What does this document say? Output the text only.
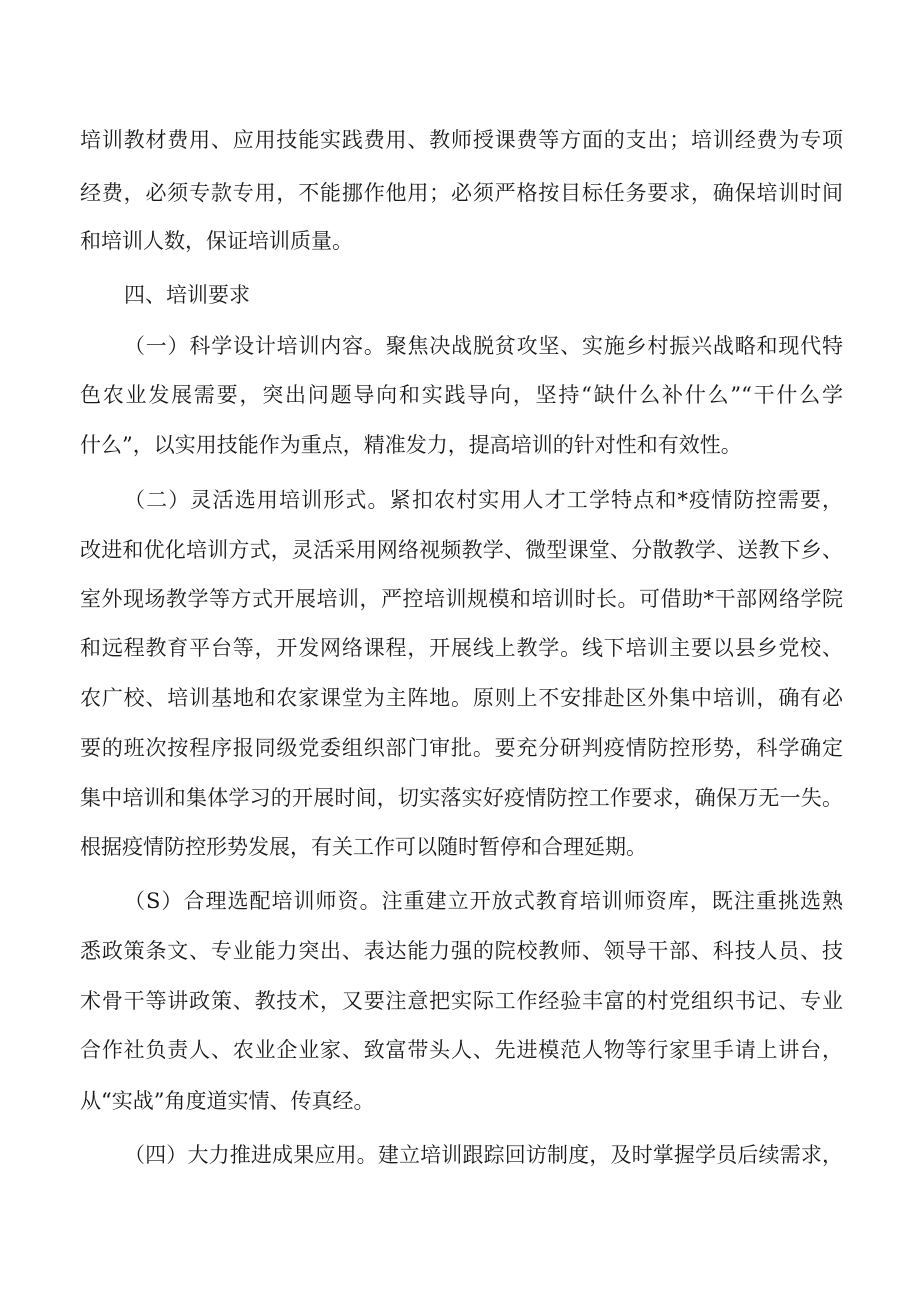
培训教材费用、应用技能实践费用、教师授课费等方面的支出；培训经费为专项
经费，必须专款专用，不能挪作他用；必须严格按目标任务要求，确保培训时间
和培训人数，保证培训质量。
四、培训要求
（一）科学设计培训内容。聚焦决战脱贫攻坚、实施乡村振兴战略和现代特
色农业发展需要，突出问题导向和实践导向，坚持“缺什么补什么”“干什么学
什么”，以实用技能作为重点，精准发力，提高培训的针对性和有效性。
（二）灵活选用培训形式。紧扣农村实用人才工学特点和*疫情防控需要，
改进和优化培训方式，灵活采用网络视频教学、微型课堂、分散教学、送教下乡、
室外现场教学等方式开展培训，严控培训规模和培训时长。可借助*干部网络学院
和远程教育平台等，开发网络课程，开展线上教学。线下培训主要以县乡党校、
农广校、培训基地和农家课堂为主阵地。原则上不安排赴区外集中培训，确有必
要的班次按程序报同级党委组织部门审批。要充分研判疫情防控形势，科学确定
集中培训和集体学习的开展时间，切实落实好疫情防控工作要求，确保万无一失。
根据疫情防控形势发展，有关工作可以随时暂停和合理延期。
（S）合理选配培训师资。注重建立开放式教育培训师资库，既注重挑选熟
悉政策条文、专业能力突出、表达能力强的院校教师、领导干部、科技人员、技
术骨干等讲政策、教技术，又要注意把实际工作经验丰富的村党组织书记、专业
合作社负责人、农业企业家、致富带头人、先进模范人物等行家里手请上讲台，
从“实战”角度道实情、传真经。
（四）大力推进成果应用。建立培训跟踪回访制度，及时掌握学员后续需求，
